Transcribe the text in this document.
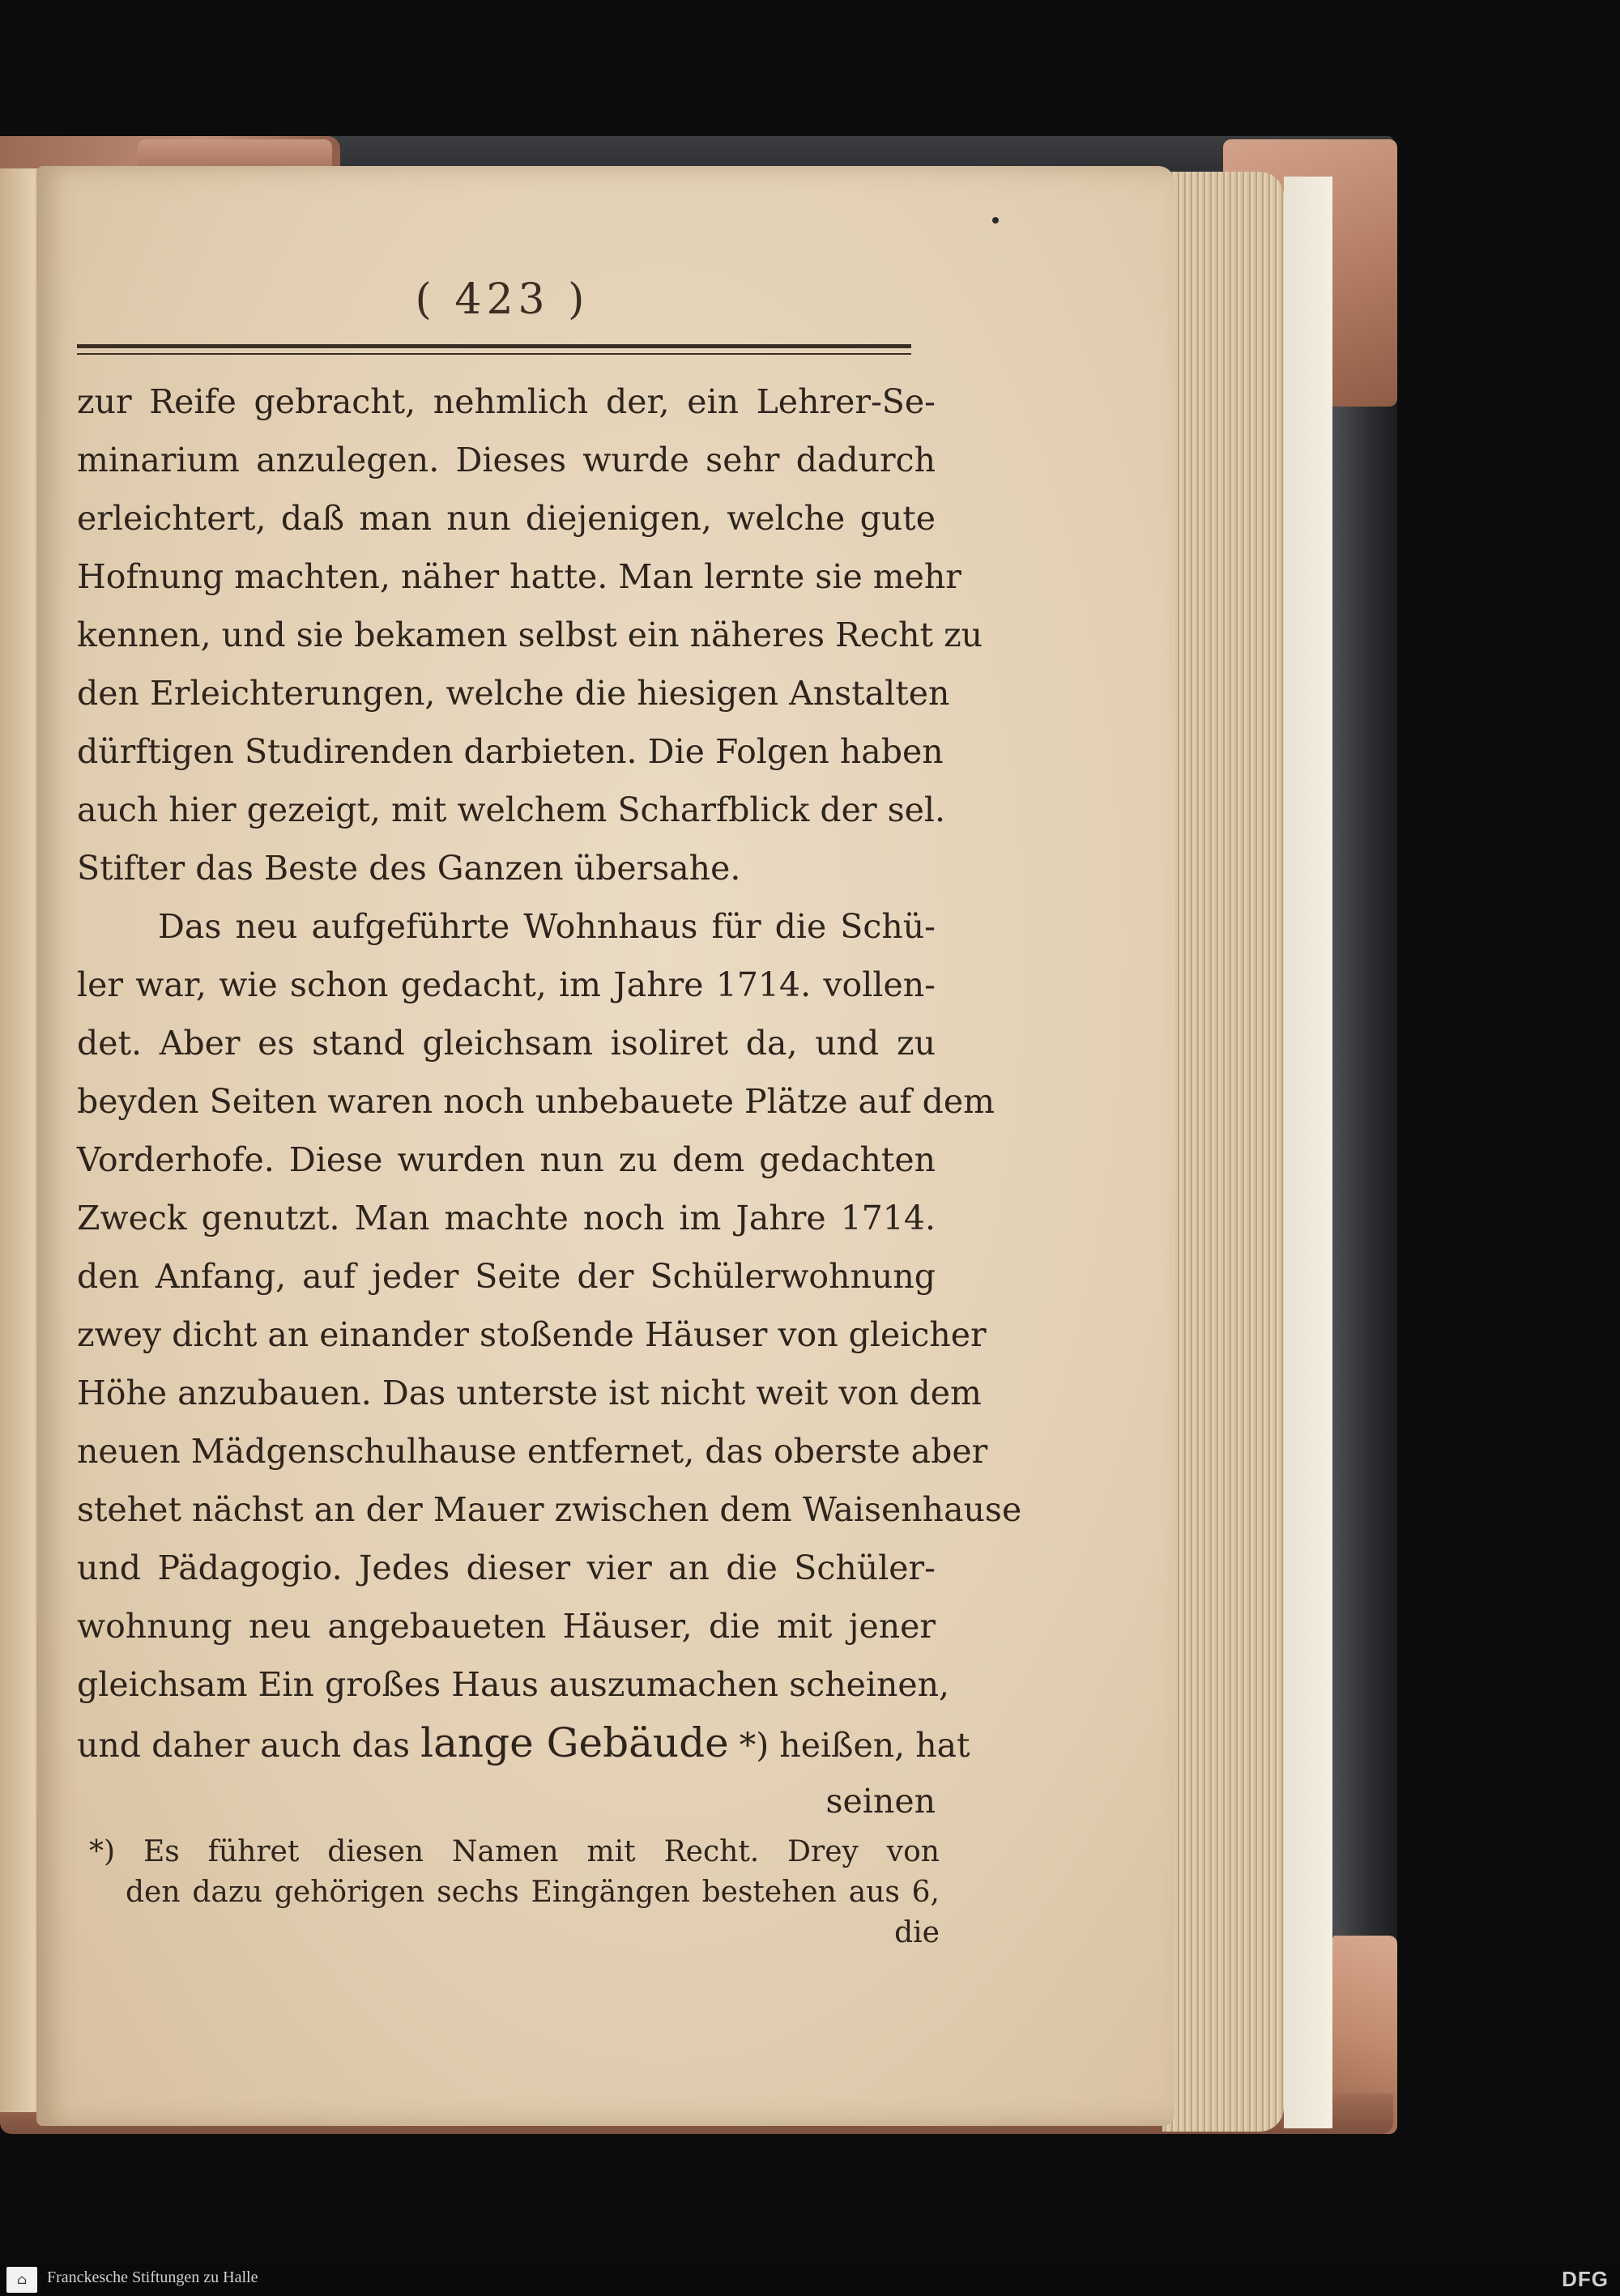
( 423 )
zur Reife gebracht, nehmlich der, ein Lehrer-Se-
minarium anzulegen. Dieses wurde sehr dadurch
erleichtert, daß man nun diejenigen, welche gute
Hofnung machten, näher hatte. Man lernte sie mehr
kennen, und sie bekamen selbst ein näheres Recht zu
den Erleichterungen, welche die hiesigen Anstalten
dürftigen Studirenden darbieten. Die Folgen haben
auch hier gezeigt, mit welchem Scharfblick der sel.
Stifter das Beste des Ganzen übersahe.
Das neu aufgeführte Wohnhaus für die Schü-
ler war, wie schon gedacht, im Jahre 1714. vollen-
det. Aber es stand gleichsam isoliret da, und zu
beyden Seiten waren noch unbebauete Plätze auf dem
Vorderhofe. Diese wurden nun zu dem gedachten
Zweck genutzt. Man machte noch im Jahre 1714.
den Anfang, auf jeder Seite der Schülerwohnung
zwey dicht an einander stoßende Häuser von gleicher
Höhe anzubauen. Das unterste ist nicht weit von dem
neuen Mädgenschulhause entfernet, das oberste aber
stehet nächst an der Mauer zwischen dem Waisenhause
und Pädagogio. Jedes dieser vier an die Schüler-
wohnung neu angebaueten Häuser, die mit jener
gleichsam Ein großes Haus auszumachen scheinen,
und daher auch das lange Gebäude *) heißen, hat
seinen
*) Es führet diesen Namen mit Recht. Drey von
den dazu gehörigen sechs Eingängen bestehen aus 6,
die
⌂	Franckesche Stiftungen zu Halle	DFG
